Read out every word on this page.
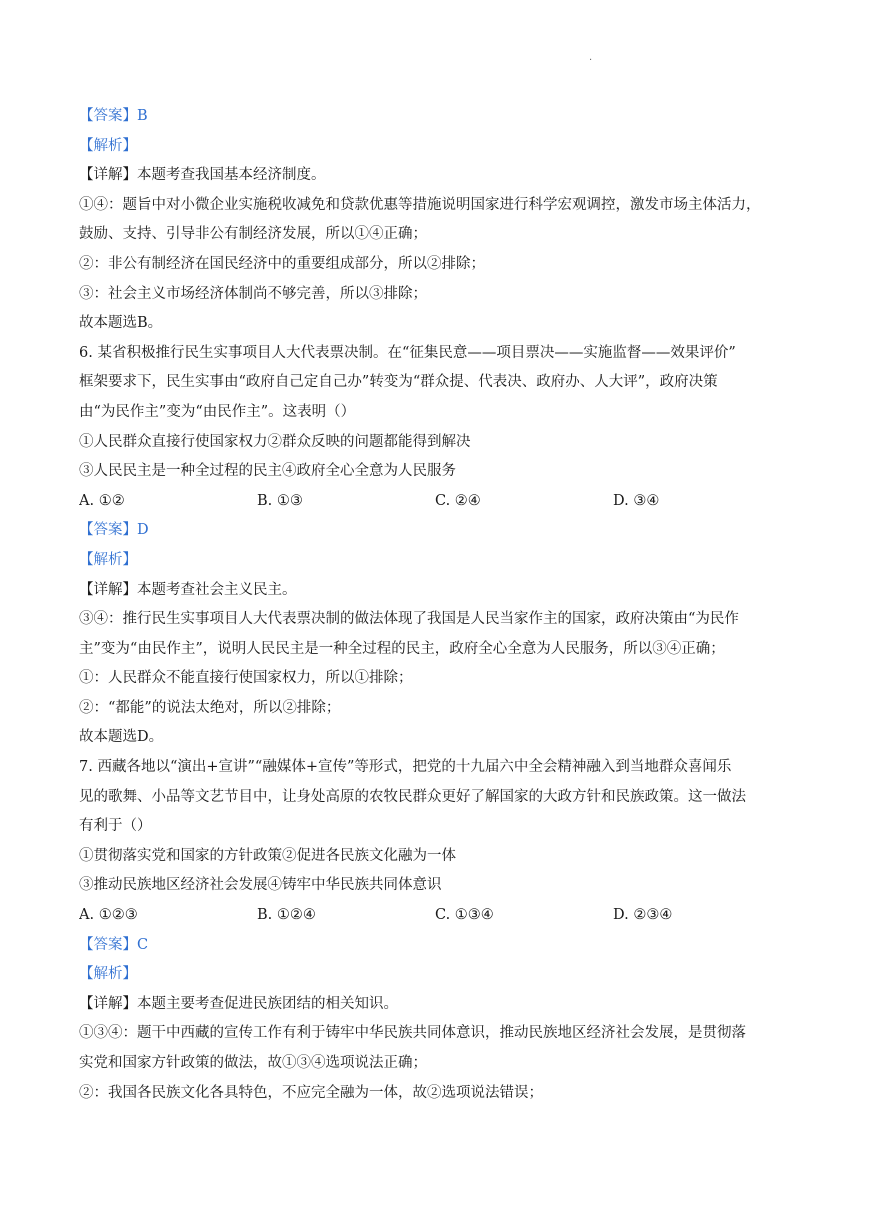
.
【答案】B
【解析】
【详解】本题考查我国基本经济制度。
①④：题旨中对小微企业实施税收减免和贷款优惠等措施说明国家进行科学宏观调控，激发市场主体活力，
鼓励、支持、引导非公有制经济发展，所以①④正确；
②：非公有制经济在国民经济中的重要组成部分，所以②排除；
③：社会主义市场经济体制尚不够完善，所以③排除；
故本题选B。
6. 某省积极推行民生实事项目人大代表票决制。在“征集民意——项目票决——实施监督——效果评价”
框架要求下，民生实事由“政府自己定自己办”转变为“群众提、代表决、政府办、人大评”，政府决策
由“为民作主”变为“由民作主”。这表明（）
①人民群众直接行使国家权力②群众反映的问题都能得到解决
③人民民主是一种全过程的民主④政府全心全意为人民服务
A. ①②	B. ①③	C. ②④	D. ③④
【答案】D
【解析】
【详解】本题考查社会主义民主。
③④：推行民生实事项目人大代表票决制的做法体现了我国是人民当家作主的国家，政府决策由“为民作
主”变为“由民作主”，说明人民民主是一种全过程的民主，政府全心全意为人民服务，所以③④正确；
①：人民群众不能直接行使国家权力，所以①排除；
②：“都能”的说法太绝对，所以②排除；
故本题选D。
7. 西藏各地以“演出+宣讲”“融媒体+宣传”等形式，把党的十九届六中全会精神融入到当地群众喜闻乐
见的歌舞、小品等文艺节目中，让身处高原的农牧民群众更好了解国家的大政方针和民族政策。这一做法
有利于（）
①贯彻落实党和国家的方针政策②促进各民族文化融为一体
③推动民族地区经济社会发展④铸牢中华民族共同体意识
A. ①②③	B. ①②④	C. ①③④	D. ②③④
【答案】C
【解析】
【详解】本题主要考查促进民族团结的相关知识。
①③④：题干中西藏的宣传工作有利于铸牢中华民族共同体意识，推动民族地区经济社会发展，是贯彻落
实党和国家方针政策的做法，故①③④选项说法正确；
②：我国各民族文化各具特色，不应完全融为一体，故②选项说法错误；
